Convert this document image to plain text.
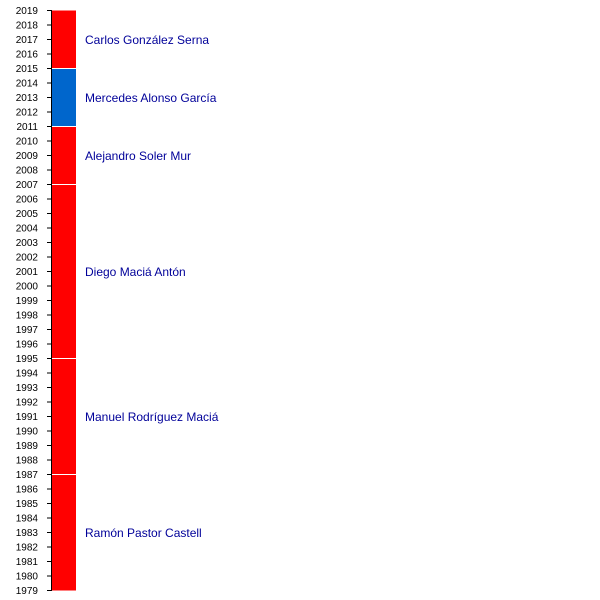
1979
1980
1981
1982
1983
1984
1985
1986
1987
1988
1989
1990
1991
1992
1993
1994
1995
1996
1997
1998
1999
2000
2001
2002
2003
2004
2005
2006
2007
2008
2009
2010
2011
2012
2013
2014
2015
2016
2017
2018
2019
Ramón Pastor Castell
Manuel Rodríguez Maciá
Diego Maciá Antón
Alejandro Soler Mur
Mercedes Alonso García
Carlos González Serna
